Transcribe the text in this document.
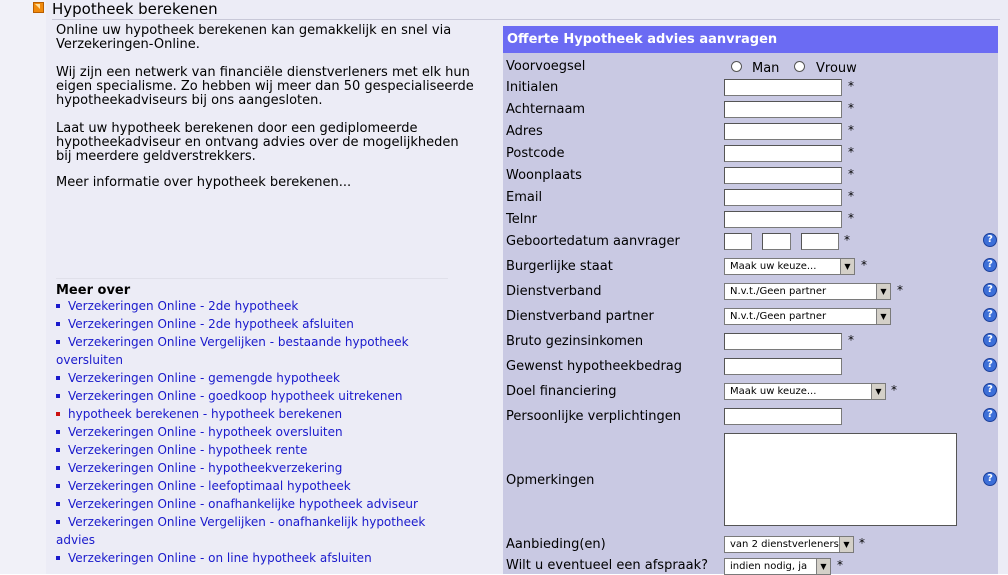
Hypotheek berekenen
Online uw hypotheek berekenen kan gemakkelijk en snel via Verzekeringen-Online.
Wij zijn een netwerk van financiële dienstverleners met elk hun eigen specialisme. Zo hebben wij meer dan 50 gespecialiseerde hypotheekadviseurs bij ons aangesloten.
Laat uw hypotheek berekenen door een gediplomeerde hypotheekadviseur en ontvang advies over de mogelijkheden bij meerdere geldverstrekkers.
Meer informatie over hypotheek berekenen...
Meer over
Verzekeringen Online - 2de hypotheek
Verzekeringen Online - 2de hypotheek afsluiten
Verzekeringen Online Vergelijken - bestaande hypotheek oversluiten
Verzekeringen Online - gemengde hypotheek
Verzekeringen Online - goedkoop hypotheek uitrekenen
hypotheek berekenen - hypotheek berekenen
Verzekeringen Online - hypotheek oversluiten
Verzekeringen Online - hypotheek rente
Verzekeringen Online - hypotheekverzekering
Verzekeringen Online - leefoptimaal hypotheek
Verzekeringen Online - onafhankelijke hypotheek adviseur
Verzekeringen Online Vergelijken - onafhankelijk hypotheek advies
Verzekeringen Online - on line hypotheek afsluiten
Offerte Hypotheek advies aanvragen
Voorvoegsel	Man	Vrouw
Initialen	*
Achternaam	*
Adres	*
Postcode	*
Woonplaats	*
Email	*
Telnr	*
Geboortedatum aanvrager	*	?
Burgerlijke staat	Maak uw keuze...	▼ *	?
Dienstverband	N.v.t./Geen partner	▼ *	?
Dienstverband partner	N.v.t./Geen partner	▼	?
Bruto gezinsinkomen	*	?
Gewenst hypotheekbedrag	?
Doel financiering	Maak uw keuze...	▼ *	?
Persoonlijke verplichtingen	?
Opmerkingen	?
Aanbieding(en)	van 2 dienstverleners ▼ *
Wilt u eventueel een afspraak?	indien nodig, ja	▼ *
